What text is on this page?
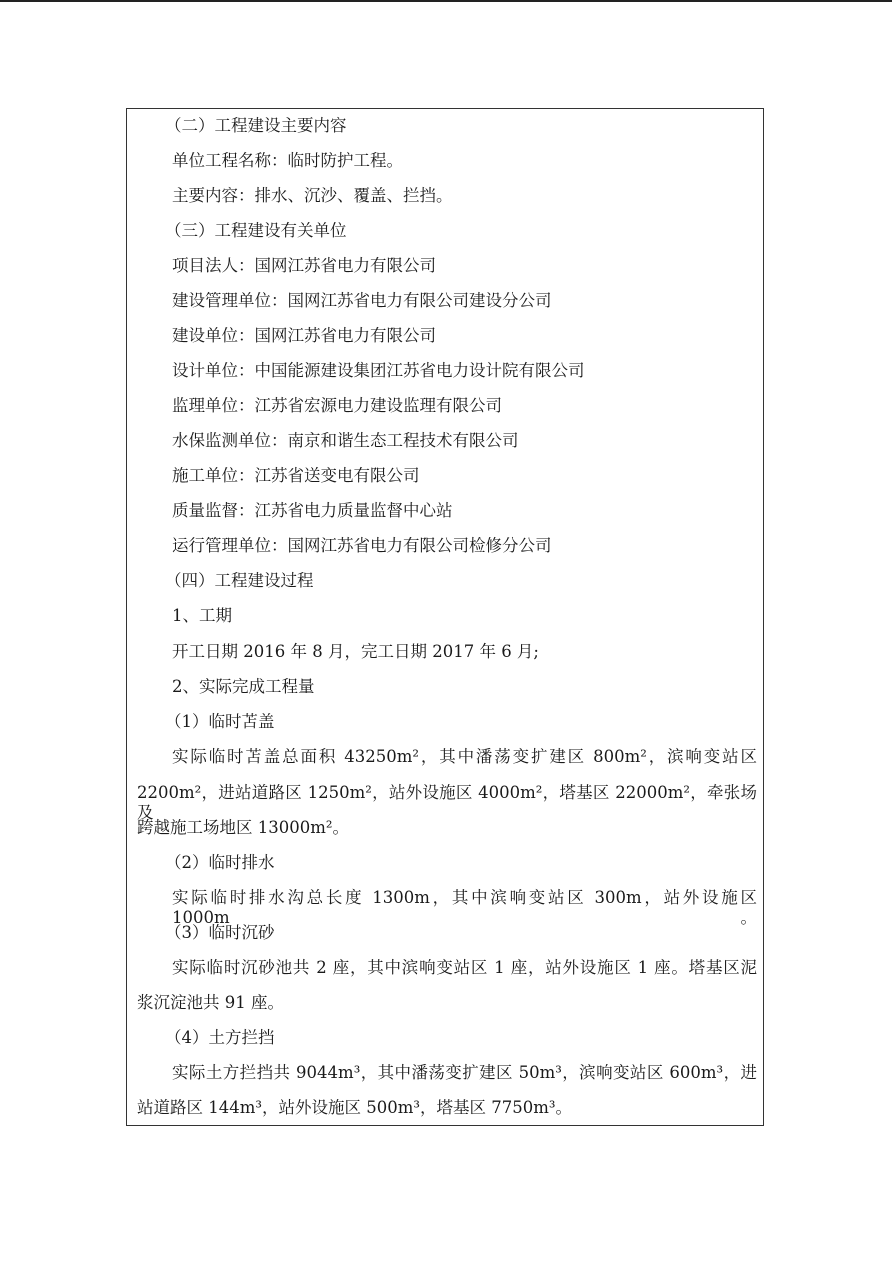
（二）工程建设主要内容
单位工程名称：临时防护工程。
主要内容：排水、沉沙、覆盖、拦挡。
（三）工程建设有关单位
项目法人：国网江苏省电力有限公司
建设管理单位：国网江苏省电力有限公司建设分公司
建设单位：国网江苏省电力有限公司
设计单位：中国能源建设集团江苏省电力设计院有限公司
监理单位：江苏省宏源电力建设监理有限公司
水保监测单位：南京和谐生态工程技术有限公司
施工单位：江苏省送变电有限公司
质量监督：江苏省电力质量监督中心站
运行管理单位：国网江苏省电力有限公司检修分公司
（四）工程建设过程
1、工期
开工日期 2016 年 8 月，完工日期 2017 年 6 月;
2、实际完成工程量
（1）临时苫盖
实际临时苫盖总面积 43250m²，其中潘荡变扩建区 800m²，滨响变站区
2200m²，进站道路区 1250m²，站外设施区 4000m²，塔基区 22000m²，牵张场及
跨越施工场地区 13000m²。
（2）临时排水
实际临时排水沟总长度 1300m，其中滨响变站区 300m，站外设施区 1000m。
（3）临时沉砂
实际临时沉砂池共 2 座，其中滨响变站区 1 座，站外设施区 1 座。塔基区泥
浆沉淀池共 91 座。
（4）土方拦挡
实际土方拦挡共 9044m³，其中潘荡变扩建区 50m³，滨响变站区 600m³，进
站道路区 144m³，站外设施区 500m³，塔基区 7750m³。
